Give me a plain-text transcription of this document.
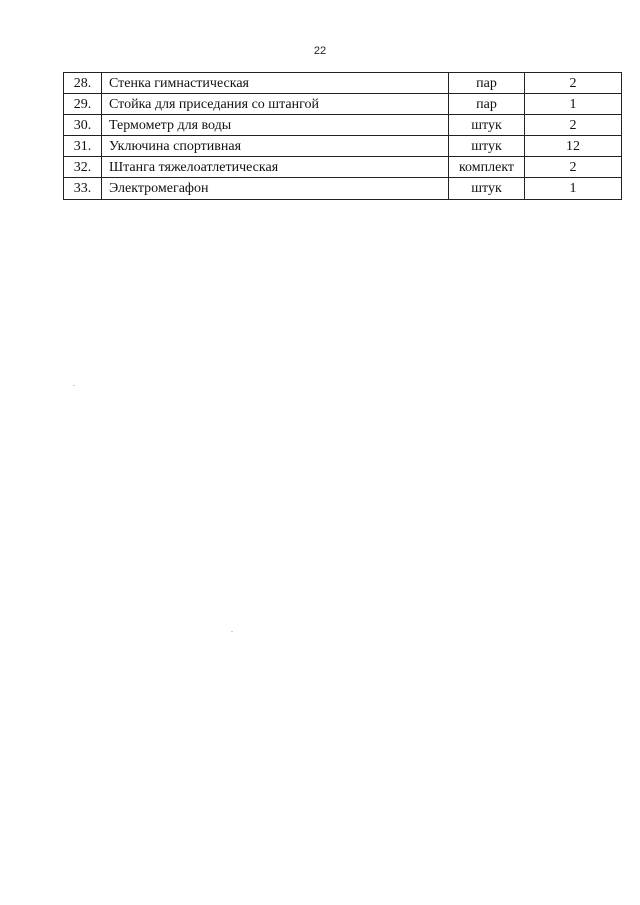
22
28.	Стенка гимнастическая	пар	2
29.	Стойка для приседания со штангой	пар	1
30.	Термометр для воды	штук	2
31.	Уключина спортивная	штук	12
32.	Штанга тяжелоатлетическая	комплект	2
33.	Электромегафон	штук	1
